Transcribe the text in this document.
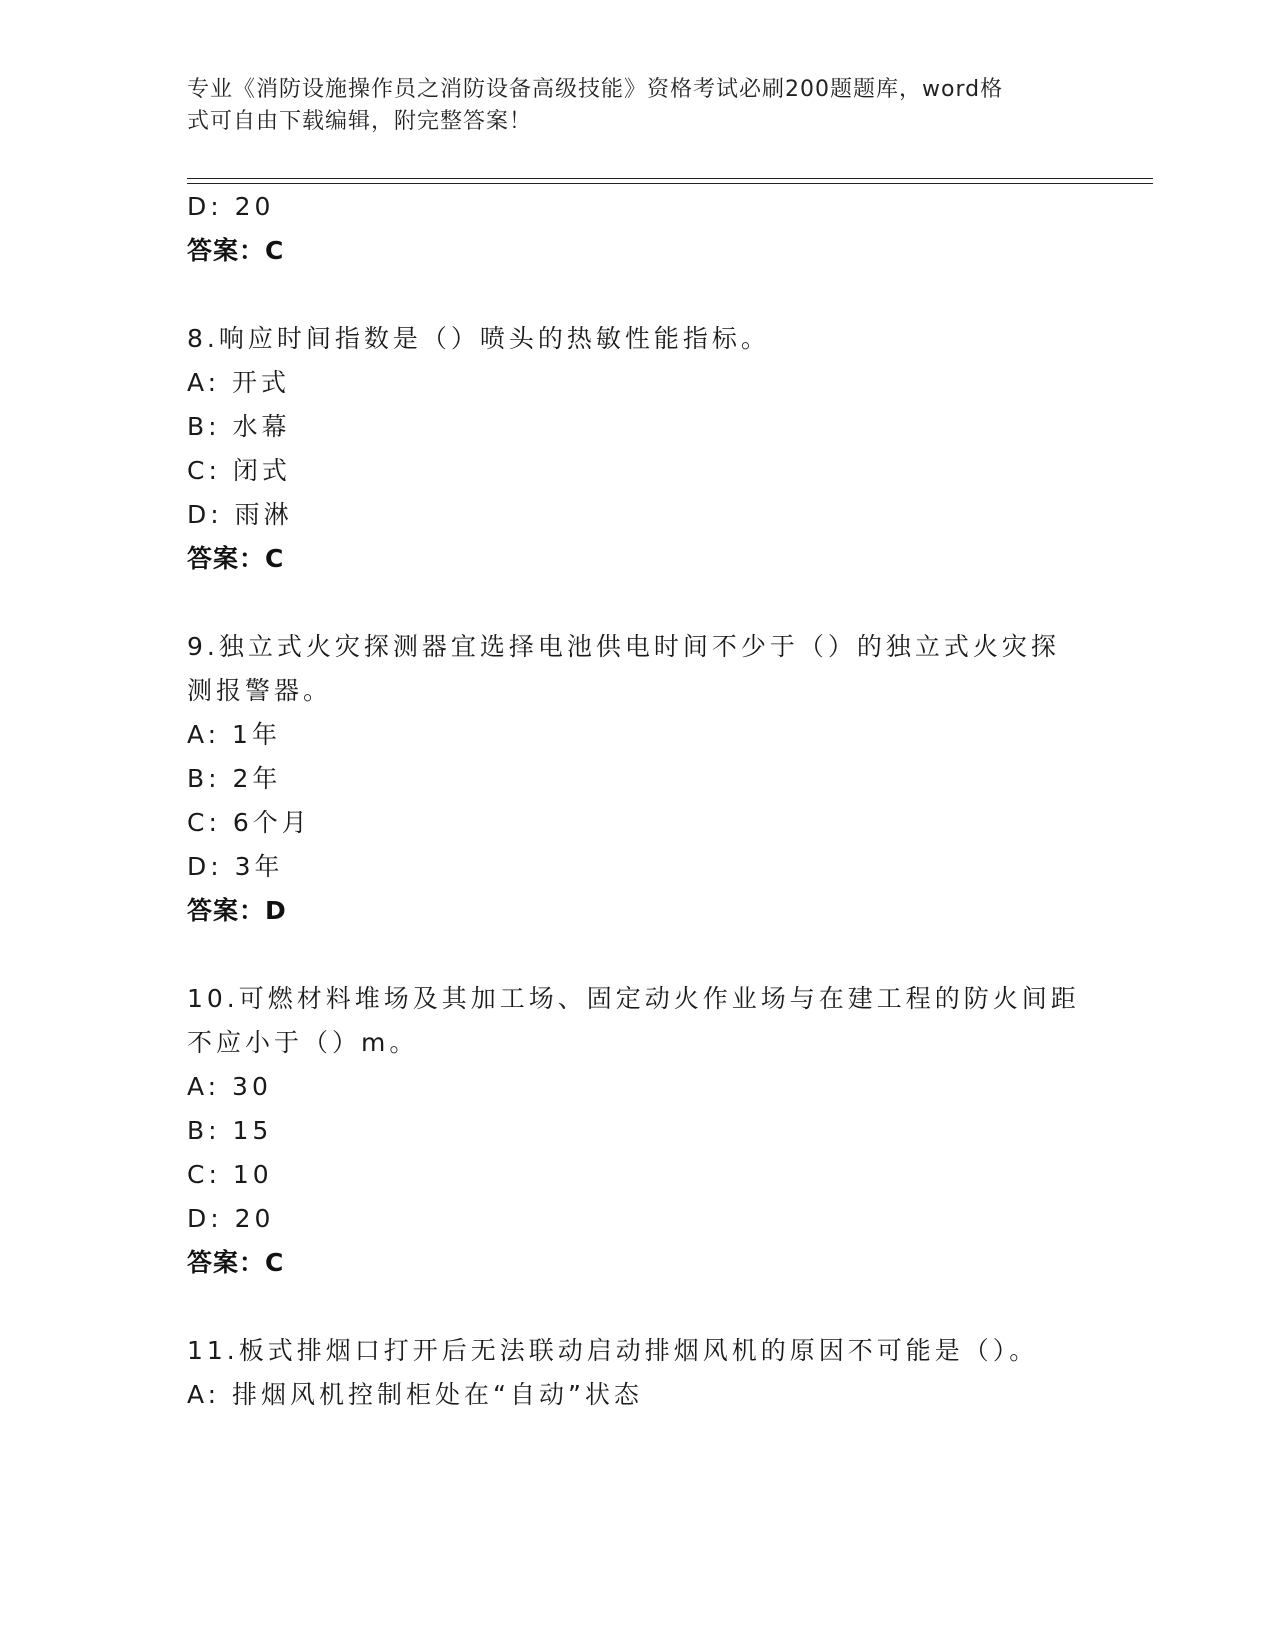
专业《消防设施操作员之消防设备高级技能》资格考试必刷200题题库，word格
式可自由下载编辑，附完整答案！
D: 20
答案：C
8.响应时间指数是（）喷头的热敏性能指标。
A: 开式
B: 水幕
C: 闭式
D: 雨淋
答案：C
9.独立式火灾探测器宜选择电池供电时间不少于（）的独立式火灾探
测报警器。
A: 1年
B: 2年
C: 6个月
D: 3年
答案：D
10.可燃材料堆场及其加工场、固定动火作业场与在建工程的防火间距
不应小于（）m。
A: 30
B: 15
C: 10
D: 20
答案：C
11.板式排烟口打开后无法联动启动排烟风机的原因不可能是（）。
A: 排烟风机控制柜处在“自动”状态
